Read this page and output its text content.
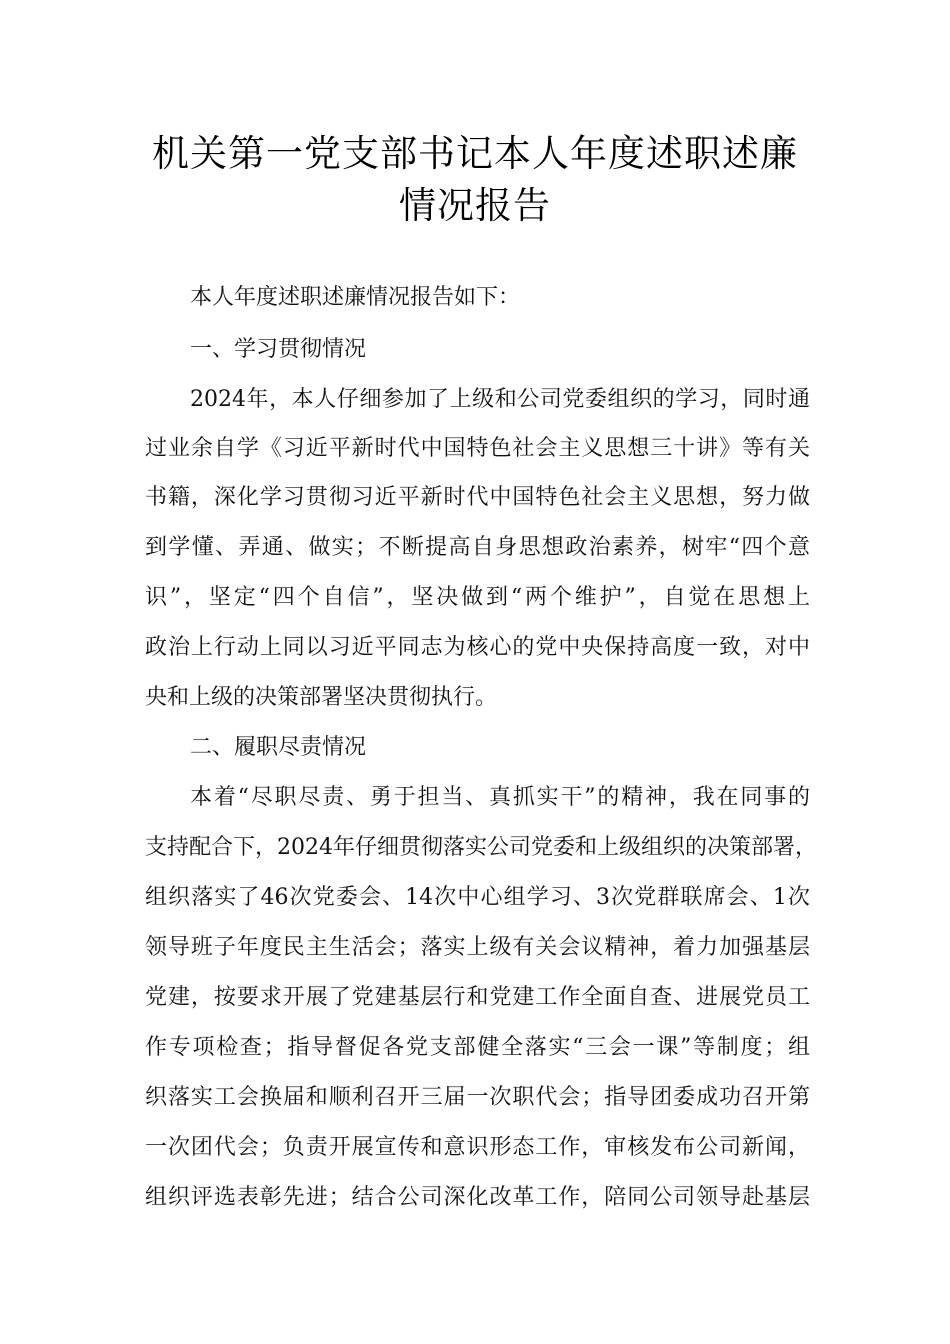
机关第一党支部书记本人年度述职述廉
情况报告
本人年度述职述廉情况报告如下：
一、学习贯彻情况
2024年，本人仔细参加了上级和公司党委组织的学习，同时通
过业余自学《习近平新时代中国特色社会主义思想三十讲》等有关
书籍，深化学习贯彻习近平新时代中国特色社会主义思想，努力做
到学懂、弄通、做实；不断提高自身思想政治素养，树牢“四个意
识”，坚定“四个自信”，坚决做到“两个维护”，自觉在思想上
政治上行动上同以习近平同志为核心的党中央保持高度一致，对中
央和上级的决策部署坚决贯彻执行。
二、履职尽责情况
本着“尽职尽责、勇于担当、真抓实干”的精神，我在同事的
支持配合下，2024年仔细贯彻落实公司党委和上级组织的决策部署，
组织落实了46次党委会、14次中心组学习、3次党群联席会、1次
领导班子年度民主生活会；落实上级有关会议精神，着力加强基层
党建，按要求开展了党建基层行和党建工作全面自查、进展党员工
作专项检查；指导督促各党支部健全落实“三会一课”等制度；组
织落实工会换届和顺利召开三届一次职代会；指导团委成功召开第
一次团代会；负责开展宣传和意识形态工作，审核发布公司新闻，
组织评选表彰先进；结合公司深化改革工作，陪同公司领导赴基层
